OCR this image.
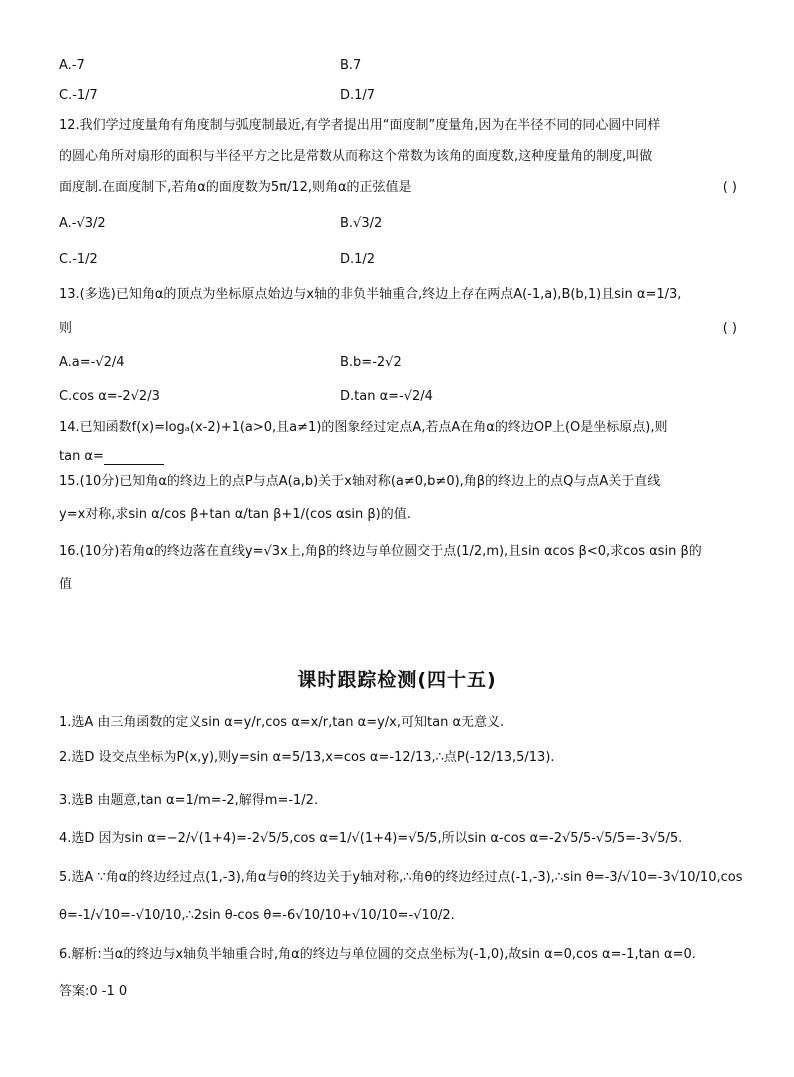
A.-7	B.7
C.-1/7	D.1/7
12.我们学过度量角有角度制与弧度制最近,有学者提出用“面度制”度量角,因为在半径不同的同心圆中同样
的圆心角所对扇形的面积与半径平方之比是常数从而称这个常数为该角的面度数,这种度量角的制度,叫做
面度制.在面度制下,若角α的面度数为5π/12,则角α的正弦值是	( )
A.-√3/2	B.√3/2
C.-1/2	D.1/2
13.(多选)已知角α的顶点为坐标原点始边与x轴的非负半轴重合,终边上存在两点A(-1,a),B(b,1)且sin α=1/3,
则	( )
A.a=-√2/4	B.b=-2√2
C.cos α=-2√2/3	D.tan α=-√2/4
14.已知函数f(x)=logₐ(x-2)+1(a>0,且a≠1)的图象经过定点A,若点A在角α的终边OP上(O是坐标原点),则
tan α=
15.(10分)已知角α的终边上的点P与点A(a,b)关于x轴对称(a≠0,b≠0),角β的终边上的点Q与点A关于直线
y=x对称,求sin α/cos β+tan α/tan β+1/(cos αsin β)的值.
16.(10分)若角α的终边落在直线y=√3x上,角β的终边与单位圆交于点(1/2,m),且sin αcos β<0,求cos αsin β的
值
课时跟踪检测(四十五)
1.选A 由三角函数的定义sin α=y/r,cos α=x/r,tan α=y/x,可知tan α无意义.
2.选D 设交点坐标为P(x,y),则y=sin α=5/13,x=cos α=-12/13,∴点P(-12/13,5/13).
3.选B 由题意,tan α=1/m=-2,解得m=-1/2.
4.选D 因为sin α=−2/√(1+4)=-2√5/5,cos α=1/√(1+4)=√5/5,所以sin α-cos α=-2√5/5-√5/5=-3√5/5.
5.选A ∵角α的终边经过点(1,-3),角α与θ的终边关于y轴对称,∴角θ的终边经过点(-1,-3),∴sin θ=-3/√10=-3√10/10,cos
θ=-1/√10=-√10/10,∴2sin θ-cos θ=-6√10/10+√10/10=-√10/2.
6.解析:当α的终边与x轴负半轴重合时,角α的终边与单位圆的交点坐标为(-1,0),故sin α=0,cos α=-1,tan α=0.
答案:0 -1 0
